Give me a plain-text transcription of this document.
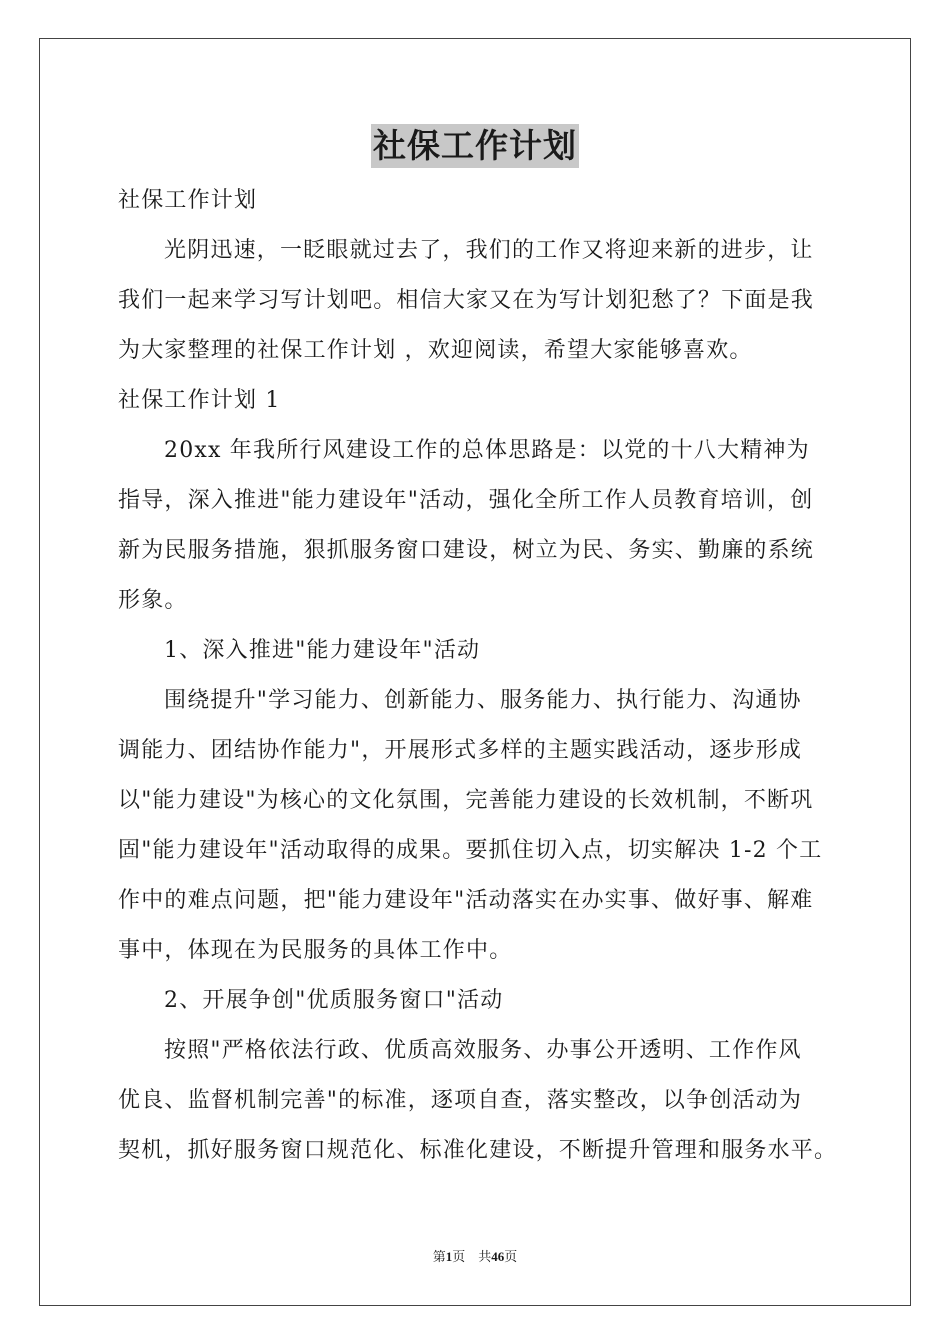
社保工作计划

社保工作计划

光阴迅速，一眨眼就过去了，我们的工作又将迎来新的进步，让

我们一起来学习写计划吧。相信大家又在为写计划犯愁了？下面是我

为大家整理的社保工作计划 ，欢迎阅读，希望大家能够喜欢。

社保工作计划 1

20xx 年我所行风建设工作的总体思路是：以党的十八大精神为

指导，深入推进"能力建设年"活动，强化全所工作人员教育培训，创

新为民服务措施，狠抓服务窗口建设，树立为民、务实、勤廉的系统

形象。

1、深入推进"能力建设年"活动

围绕提升"学习能力、创新能力、服务能力、执行能力、沟通协

调能力、团结协作能力"，开展形式多样的主题实践活动，逐步形成

以"能力建设"为核心的文化氛围，完善能力建设的长效机制，不断巩

固"能力建设年"活动取得的成果。要抓住切入点，切实解决 1-2 个工

作中的难点问题，把"能力建设年"活动落实在办实事、做好事、解难

事中，体现在为民服务的具体工作中。

2、开展争创"优质服务窗口"活动

按照"严格依法行政、优质高效服务、办事公开透明、工作作风

优良、监督机制完善"的标准，逐项自查，落实整改，以争创活动为

契机，抓好服务窗口规范化、标准化建设，不断提升管理和服务水平。

第1页　共46页
